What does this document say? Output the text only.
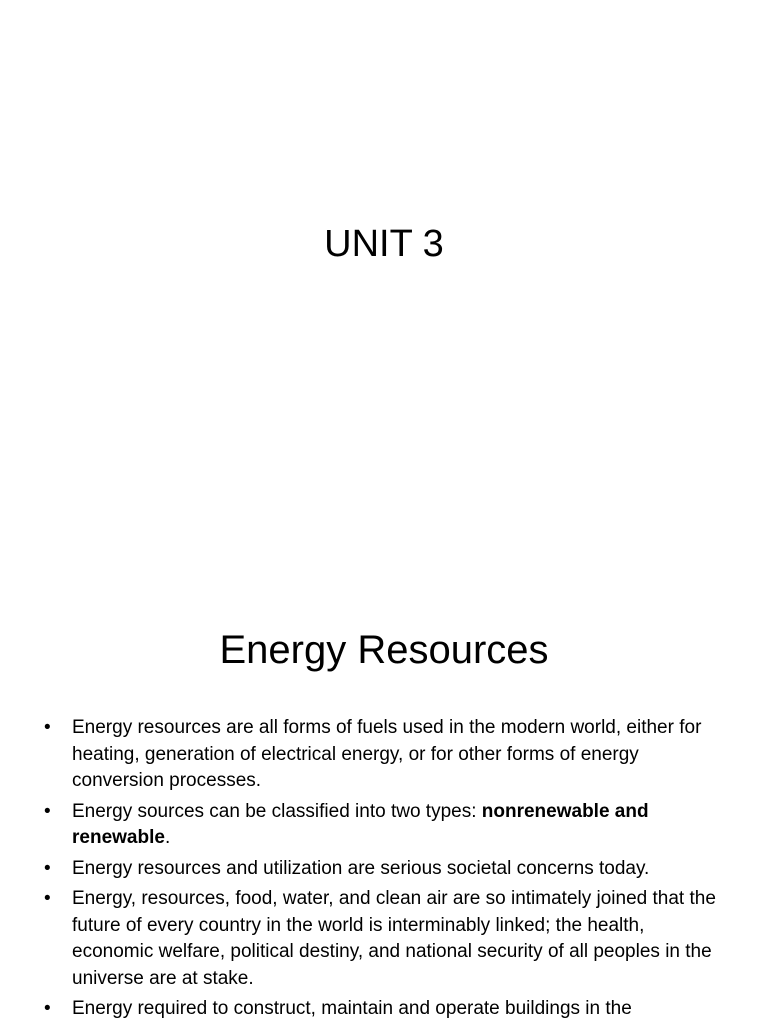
UNIT 3
Energy Resources
•	Energy resources are all forms of fuels used in the modern world, either for heating, generation of electrical energy, or for other forms of energy conversion processes.
•	Energy sources can be classified into two types: nonrenewable and renewable.
•	Energy resources and utilization are serious societal concerns today.
•	Energy, resources, food, water, and clean air are so intimately joined that the future of every country in the world is interminably linked; the health, economic welfare, political destiny, and national security of all peoples in the universe are at stake.
•	Energy required to construct, maintain and operate buildings in the
